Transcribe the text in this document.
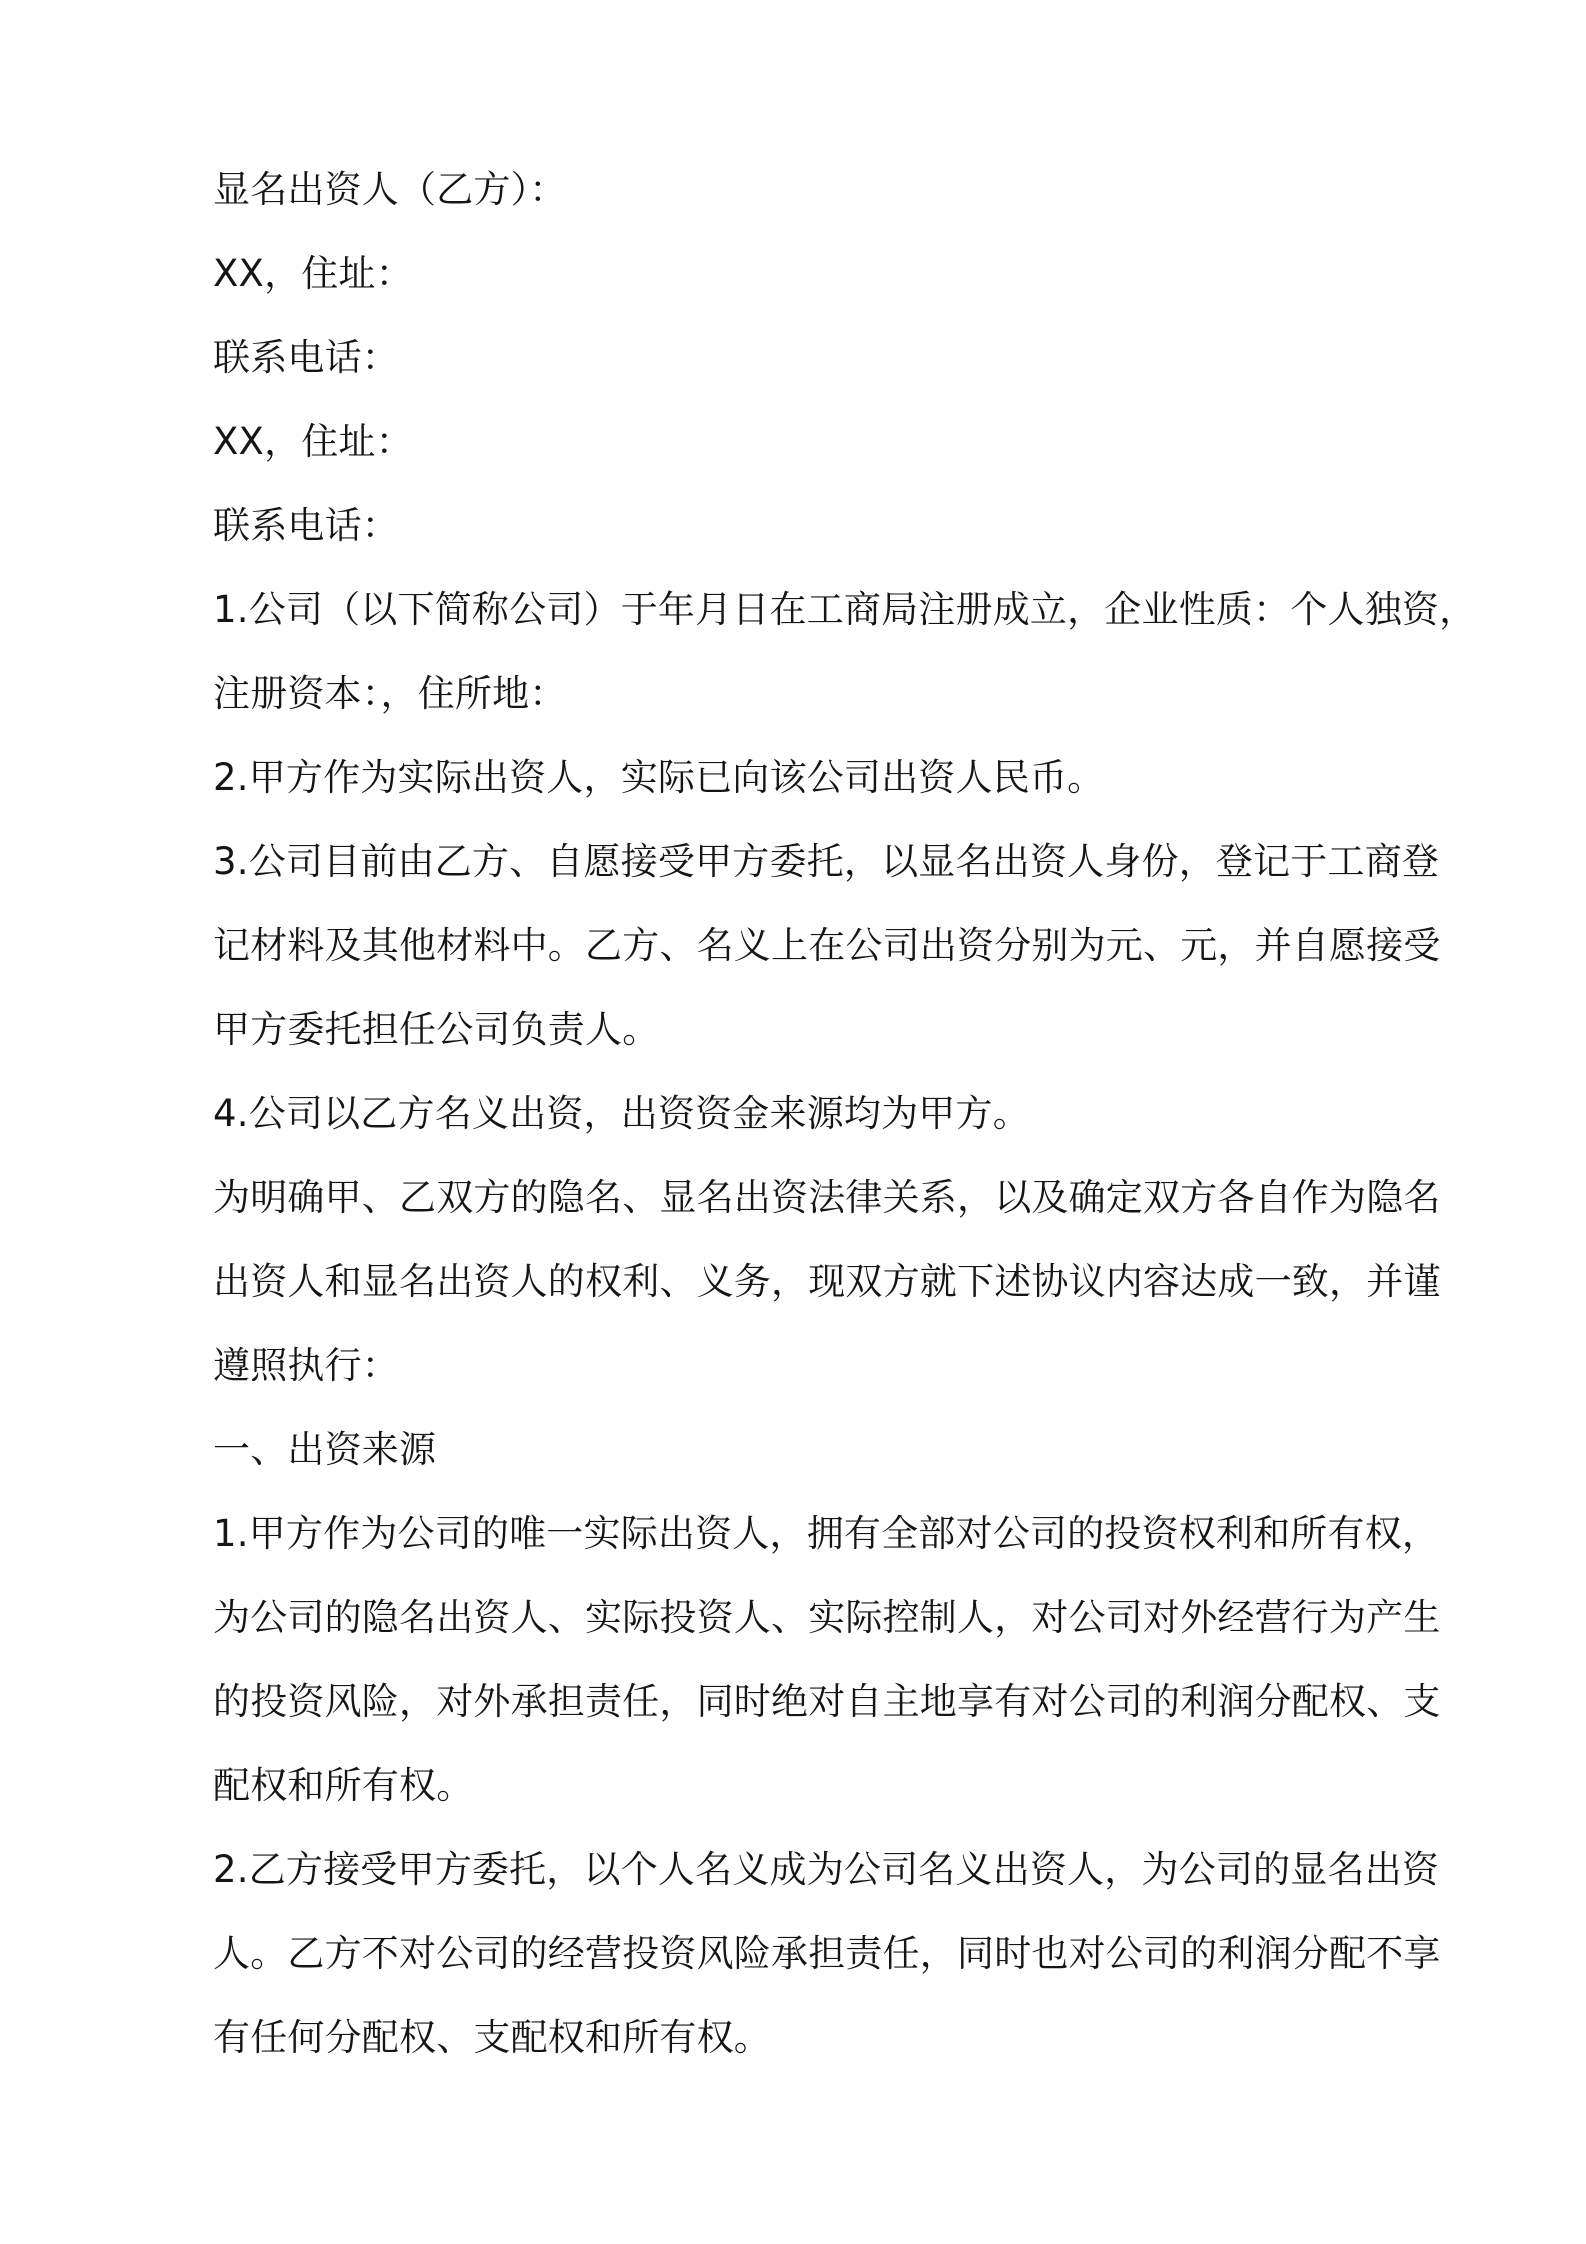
显名出资人（乙方）：
XX，住址：
联系电话：
XX，住址：
联系电话：
1.公司（以下简称公司）于年月日在工商局注册成立，企业性质：个人独资，
注册资本：，住所地：
2.甲方作为实际出资人，实际已向该公司出资人民币。
3.公司目前由乙方、自愿接受甲方委托，以显名出资人身份，登记于工商登
记材料及其他材料中。乙方、名义上在公司出资分别为元、元，并自愿接受
甲方委托担任公司负责人。
4.公司以乙方名义出资，出资资金来源均为甲方。
为明确甲、乙双方的隐名、显名出资法律关系，以及确定双方各自作为隐名
出资人和显名出资人的权利、义务，现双方就下述协议内容达成一致，并谨
遵照执行：
一、出资来源
1.甲方作为公司的唯一实际出资人，拥有全部对公司的投资权利和所有权，
为公司的隐名出资人、实际投资人、实际控制人，对公司对外经营行为产生
的投资风险，对外承担责任，同时绝对自主地享有对公司的利润分配权、支
配权和所有权。
2.乙方接受甲方委托，以个人名义成为公司名义出资人，为公司的显名出资
人。乙方不对公司的经营投资风险承担责任，同时也对公司的利润分配不享
有任何分配权、支配权和所有权。
